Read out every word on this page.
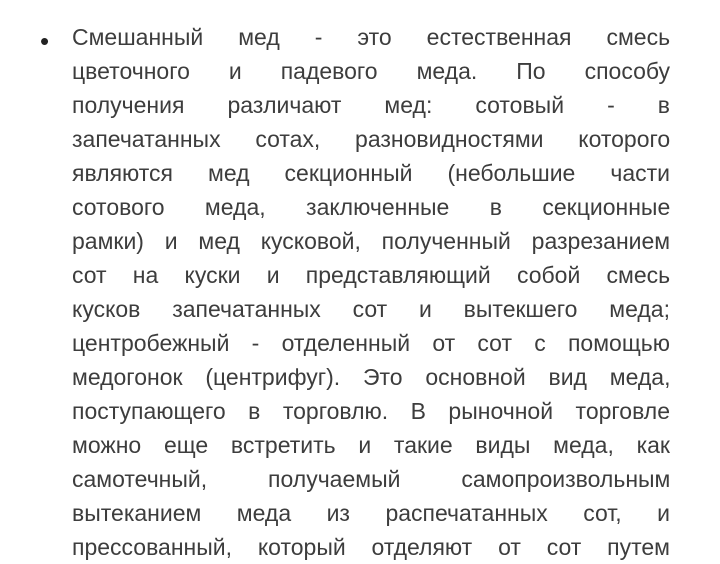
• Смешанный мед - это естественная смесь
цветочного и падевого меда. По способу
получения различают мед: сотовый - в
запечатанных сотах, разновидностями которого
являются мед секционный (небольшие части
сотового меда, заключенные в секционные
рамки) и мед кусковой, полученный разрезанием
сот на куски и представляющий собой смесь
кусков запечатанных сот и вытекшего меда;
центробежный - отделенный от сот с помощью
медогонок (центрифуг). Это основной вид меда,
поступающего в торговлю. В рыночной торговле
можно еще встретить и такие виды меда, как
самотечный, получаемый самопроизвольным
вытеканием меда из распечатанных сот, и
прессованный, который отделяют от сот путем
